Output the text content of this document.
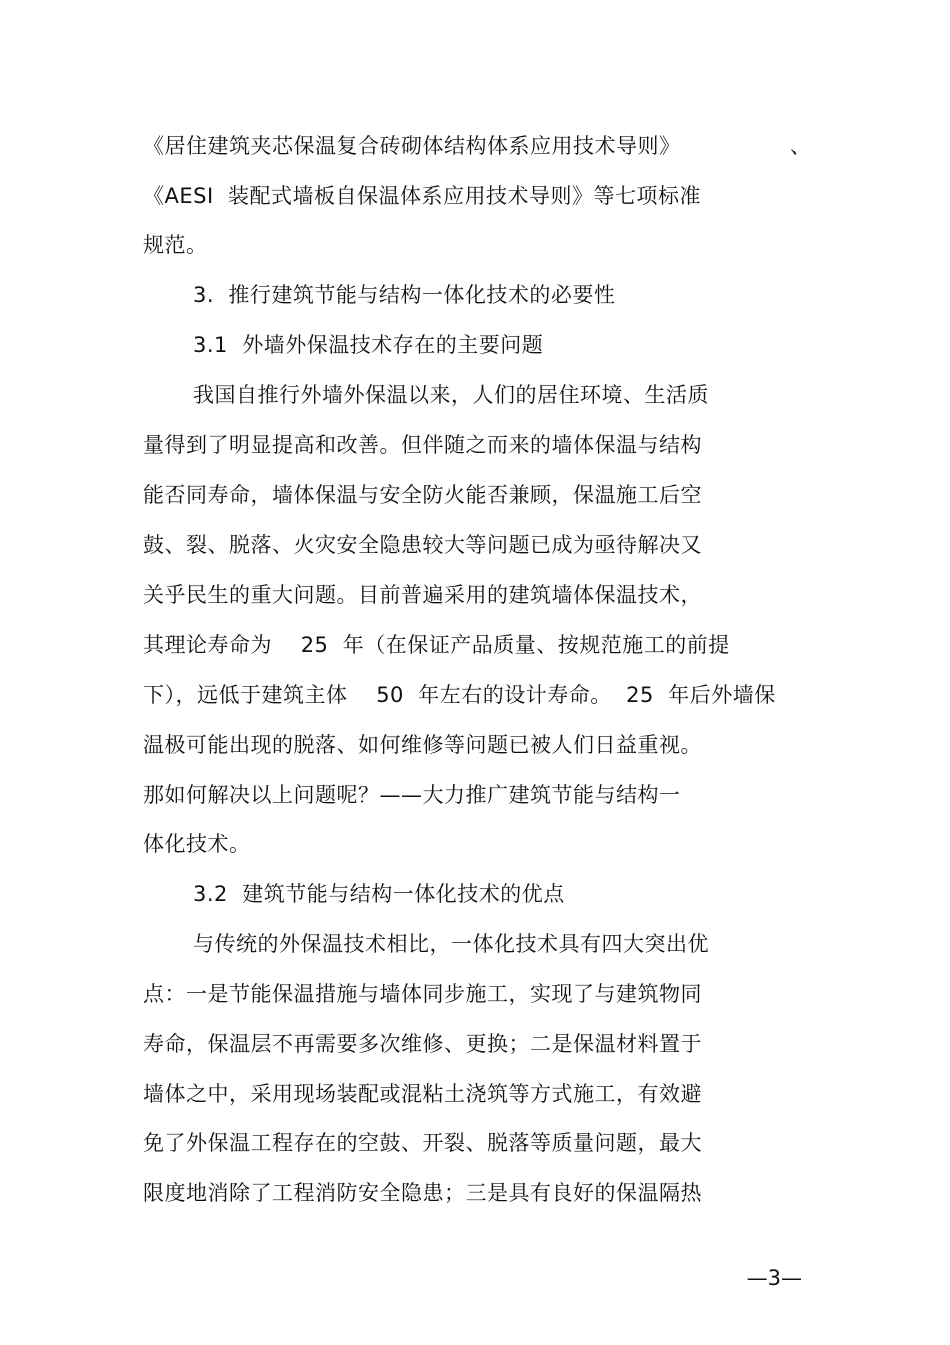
《居住建筑夹芯保温复合砖砌体结构体系应用技术导则》	、
《AESI  装配式墙板自保温体系应用技术导则》等七项标准
规范。
3.  推行建筑节能与结构一体化技术的必要性
3.1  外墙外保温技术存在的主要问题
我国自推行外墙外保温以来，人们的居住环境、生活质
量得到了明显提高和改善。但伴随之而来的墙体保温与结构
能否同寿命，墙体保温与安全防火能否兼顾，保温施工后空
鼓、裂、脱落、火灾安全隐患较大等问题已成为亟待解决又
关乎民生的重大问题。目前普遍采用的建筑墙体保温技术，
其理论寿命为    25  年（在保证产品质量、按规范施工的前提
下），远低于建筑主体    50  年左右的设计寿命。  25  年后外墙保
温极可能出现的脱落、如何维修等问题已被人们日益重视。
那如何解决以上问题呢？——大力推广建筑节能与结构一
体化技术。
3.2  建筑节能与结构一体化技术的优点
与传统的外保温技术相比，一体化技术具有四大突出优
点：一是节能保温措施与墙体同步施工，实现了与建筑物同
寿命，保温层不再需要多次维修、更换；二是保温材料置于
墙体之中，采用现场装配或混粘土浇筑等方式施工，有效避
免了外保温工程存在的空鼓、开裂、脱落等质量问题，最大
限度地消除了工程消防安全隐患；三是具有良好的保温隔热
—3—
